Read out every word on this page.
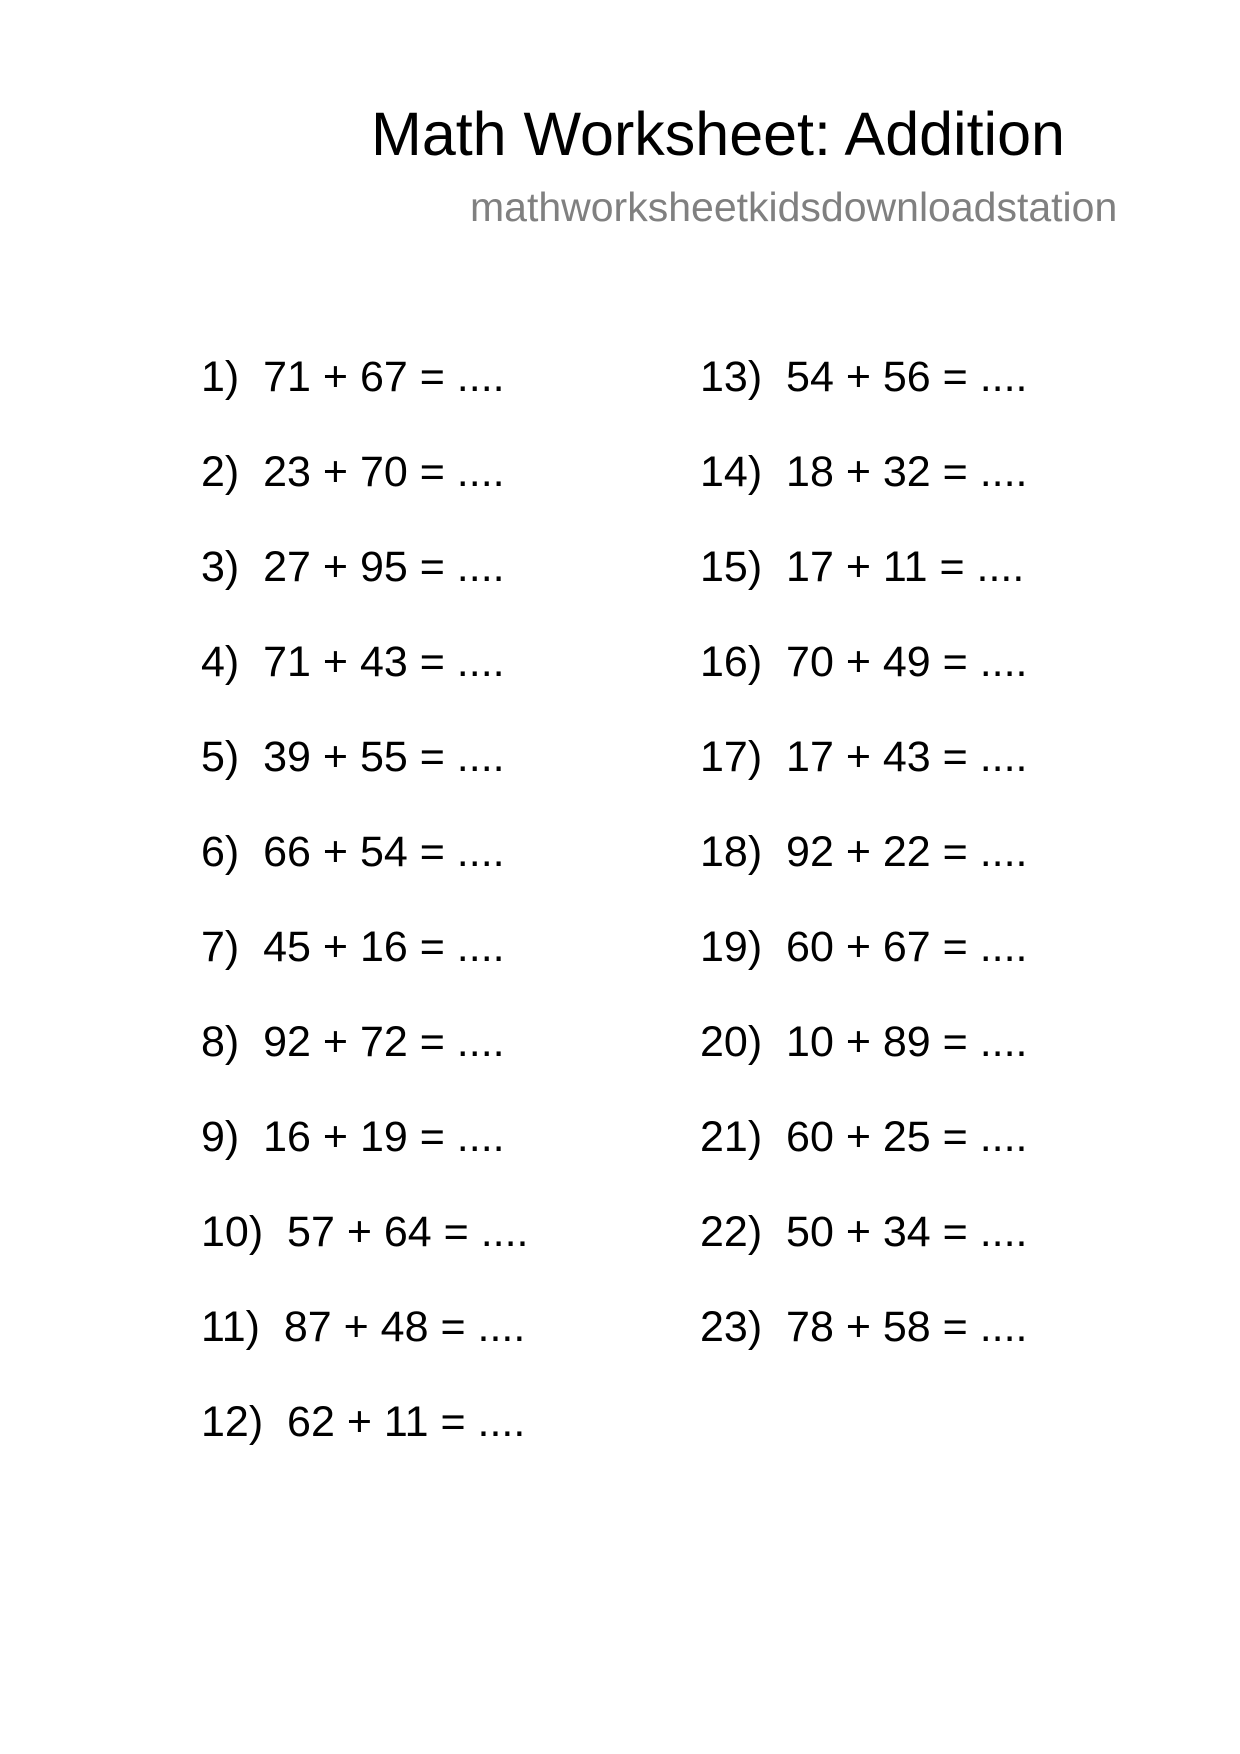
Math Worksheet: Addition
mathworksheetkidsdownloadstation
1)  71 + 67 = ....
2)  23 + 70 = ....
3)  27 + 95 = ....
4)  71 + 43 = ....
5)  39 + 55 = ....
6)  66 + 54 = ....
7)  45 + 16 = ....
8)  92 + 72 = ....
9)  16 + 19 = ....
10)  57 + 64 = ....
11)  87 + 48 = ....
12)  62 + 11 = ....
13)  54 + 56 = ....
14)  18 + 32 = ....
15)  17 + 11 = ....
16)  70 + 49 = ....
17)  17 + 43 = ....
18)  92 + 22 = ....
19)  60 + 67 = ....
20)  10 + 89 = ....
21)  60 + 25 = ....
22)  50 + 34 = ....
23)  78 + 58 = ....
